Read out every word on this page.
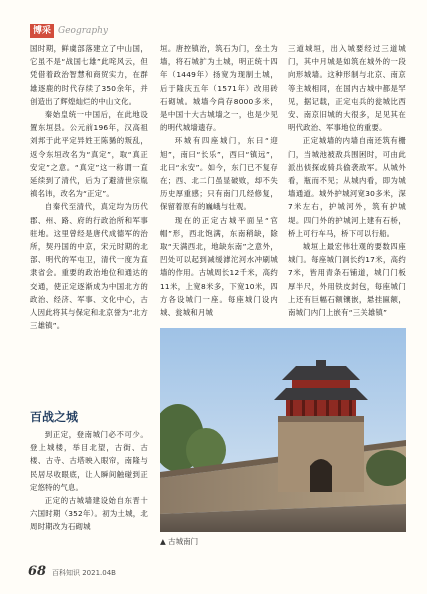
博采 Geography

国时期，鲜虞部落建立了中山国，它虽不是“战国七雄”此咤风云，但凭借着政治智慧和商贸实力，在群雄逐鹿的时代存续了350余年，并创造出了辉煌灿烂的中山文化。

秦始皇统一中国后，在此地设置东垣县。公元前196年，汉高祖刘邦于此平定异姓王陈豨的叛乱，返令东垣改名为“真定”，取“真正安定”之意。“真定”这一称谓一直延续到了清代，后为了避清世宗胤禛名讳，改名为“正定”。

自秦代至清代，真定均为历代郡、州、路、府的行政治所和军事驻地。这里曾经是唐代成德军的治所，契丹国的中京，宋元时期的北部、明代的军屯卫，清代一度为直隶省会。重要的政治地位和通达的交通，使正定逐渐成为中国北方的政治、经济、军事、文化中心，古人因此将其与保定和北京誉为“北方三雄镇”。

百战之城

到正定，登南城门必不可少。登上城楼，举目北望，古街、古楼、古寺、古塔映入眼帘，南隆与民居尽收眼底，让人瞬间触碰到正定悠特的气息。

正定的古城墙建设始自东晋十六国时期（352年）。初为土城，北周时期改为石砌城

垣。唐控镇治，筑石为门，垒土为墙，将石城扩为土城，明正统十四年（1449年）扬宽为现制土城，后于隆庆五年（1571年）改用砖石砌城。城墙今尚存8000多米，是中国十大古城墙之一，也是少见的明代城墙遗存。

环城有四座城门，东曰“迎旭”，南曰“长乐”，西曰“镇远”，北曰“永安”。如今，东门已不复存在；西、北二门虽显破败，却不失历史厚重感；只有南门几经修复，保留着原有的巍峨与壮观。

现在的正定古城平面呈“官帽”形，西北饱满，东南稍缺，除取“天满西北，地缺东南”之意外，凹处可以起到减缓滹沱河水冲刷城墙的作用。古城周长12千米，高约11米，上宽8米多，下宽10米，四方各设城门一座。每座城门设内城、瓮城和月城

三道城垣，出入城要经过三道城门，其中月城是如筑在城外的一段向形城墙。这种形制与北京、南京等主城相同，在国内古城中都是罕见，据记载，正定屯兵的瓮城比西安、南京旧城的大很多，足见其在明代政治、军事地位的重要。

正定城墙的内墙自南还筑有栅门，当城池被敌兵围困时，可由此派出侦探或骑兵偷袭敌军。从城外看，瓶而不见；从城内看，即为城墙通道。城外护城河宽30多米，深7米左右，护城河外，筑有护城堤。四门外的护城河上建有石桥，桥上可行车马，桥下可以行船。

城垣上最宏伟壮观的要数四座城门。每座城门洞长约17米，高约7米，皆用青条石铺道，城门门板厚半尺，外用铁皮封包，每座城门上还有巨幅石额镶嵌，悬挂匾额，南城门内门上嵌有“三关雄镇”

▲ 古城南门
68 百科知识 2021.04B
